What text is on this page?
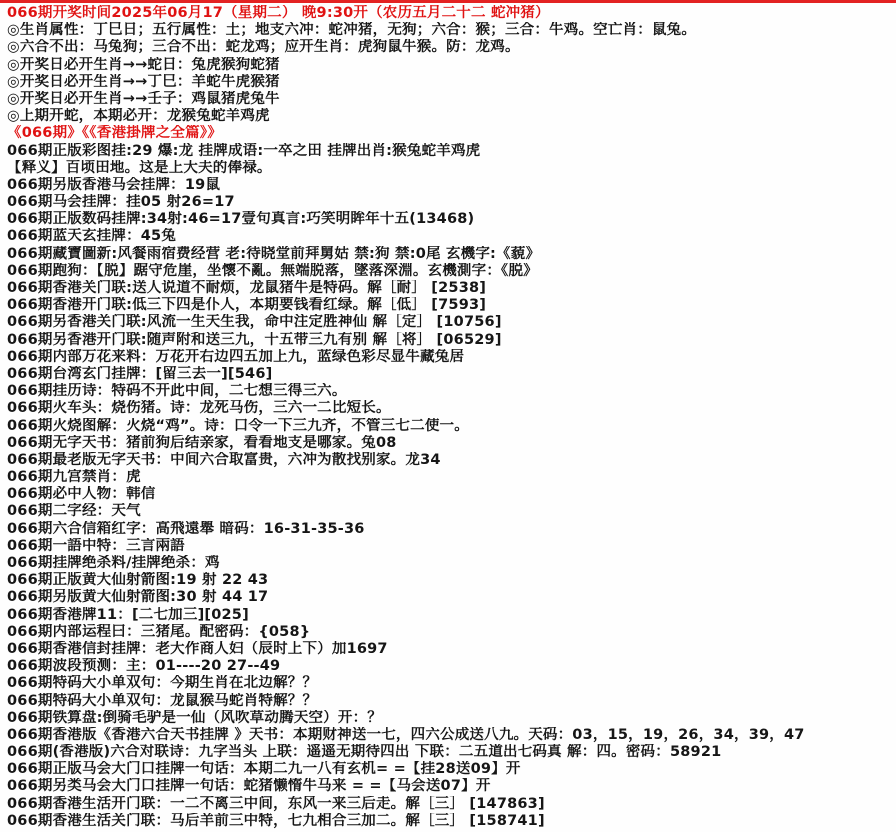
066期开奖时间2025年06月17（星期二） 晚9:30开（农历五月二十二 蛇冲猪）
◎生肖属性：丁巳日；五行属性：土；地支六冲：蛇冲猪，无狗；六合：猴；三合：牛鸡。空亡肖：鼠兔。
◎六合不出：马兔狗；三合不出：蛇龙鸡；应开生肖：虎狗鼠牛猴。防：龙鸡。
◎开奖日必开生肖→→蛇日：兔虎猴狗蛇猪
◎开奖日必开生肖→→丁巳：羊蛇牛虎猴猪
◎开奖日必开生肖→→壬子：鸡鼠猪虎兔牛
◎上期开蛇，本期必开：龙猴兔蛇羊鸡虎
《066期》《《香港掛牌之全篇》》
066期正版彩图挂:29 爆:龙 挂牌成语:一卒之田 挂牌出肖:猴兔蛇羊鸡虎
【释义】百顷田地。这是上大夫的俸禄。
066期另版香港马会挂牌：19鼠
066期马会挂牌：挂05 射26=17
066期正版数码挂牌:34射:46=17壹句真言:巧笑明眸年十五(13468)
066期蓝天玄挂牌：45兔
066期藏寶圖新:风餐雨宿费经营 老:待晓堂前拜舅姑 禁:狗 禁:0尾 玄機字:《藐》
066期跑狗：【脱】踞守危崖，坐懷不亂。無端脱落，墜落深淵。玄機測字：《脱》
066期香港关门联:送人说道不耐烦，龙鼠猪牛是特码。解［耐］ [2538]
066期香港开门联:低三下四是仆人，本期要钱看红绿。解［低］ [7593]
066期另香港关门联:风流一生天生我，命中注定胜神仙 解［定］ [10756]
066期另香港开门联:随声附和送三九，十五带三九有别 解［将］ [06529]
066期内部万花来料：万花开右边四五加上九，蓝绿色彩尽显牛藏兔居
066期台湾玄门挂牌：[留三去一][546]
066期挂历诗：特码不开此中间，二七想三得三六。
066期火车头：烧伤猪。诗：龙死马伤，三六一二比短长。
066期火烧图解：火烧“鸡”。诗：口令一下三九齐，不管三七二使一。
066期无字天书：猪前狗后结亲家，看看地支是哪家。兔08
066期最老版无字天书：中间六合取富贵，六冲为散找别家。龙34
066期九宫禁肖：虎
066期必中人物：韩信
066期二字经：天气
066期六合信箱红字：高飛遠舉 暗码：16-31-35-36
066期一語中特：三言兩語
066期挂牌绝杀料/挂牌绝杀：鸡
066期正版黄大仙射箭图:19 射 22 43
066期另版黄大仙射箭图:30 射 44 17
066期香港牌11：[二七加三][025]
066期内部运程曰：三猪尾。配密码：{058}
066期香港信封挂牌：老大作商人妇（辰时上下）加1697
066期波段预测：主：01----20 27--49
066期特码大小单双句：今期生肖在北边解？？
066期特码大小单双句：龙鼠猴马蛇肖特解？？
066期铁算盘:倒骑毛驴是一仙（风吹草动腾天空）开：？
066期香港版《香港六合天书挂牌 》天书：本期财神送一七，四六公成送八九。天码：03，15，19，26，34，39，47
066期(香港版)六合对联诗：九字当头 上联：遥遥无期待四出 下联：二五道出七码真 解：四。密码：58921
066期正版马会大门口挂牌一句话：本期二九一八有玄机= =【挂28送09】开
066期另类马会大门口挂牌一句话：蛇猪懒惰牛马来 = =【马会送07】开
066期香港生活开门联：一二不离三中间，东风一来三后走。解［三］ [147863]
066期香港生活关门联：马后羊前三中特，七九相合三加二。解［三］ [158741]
